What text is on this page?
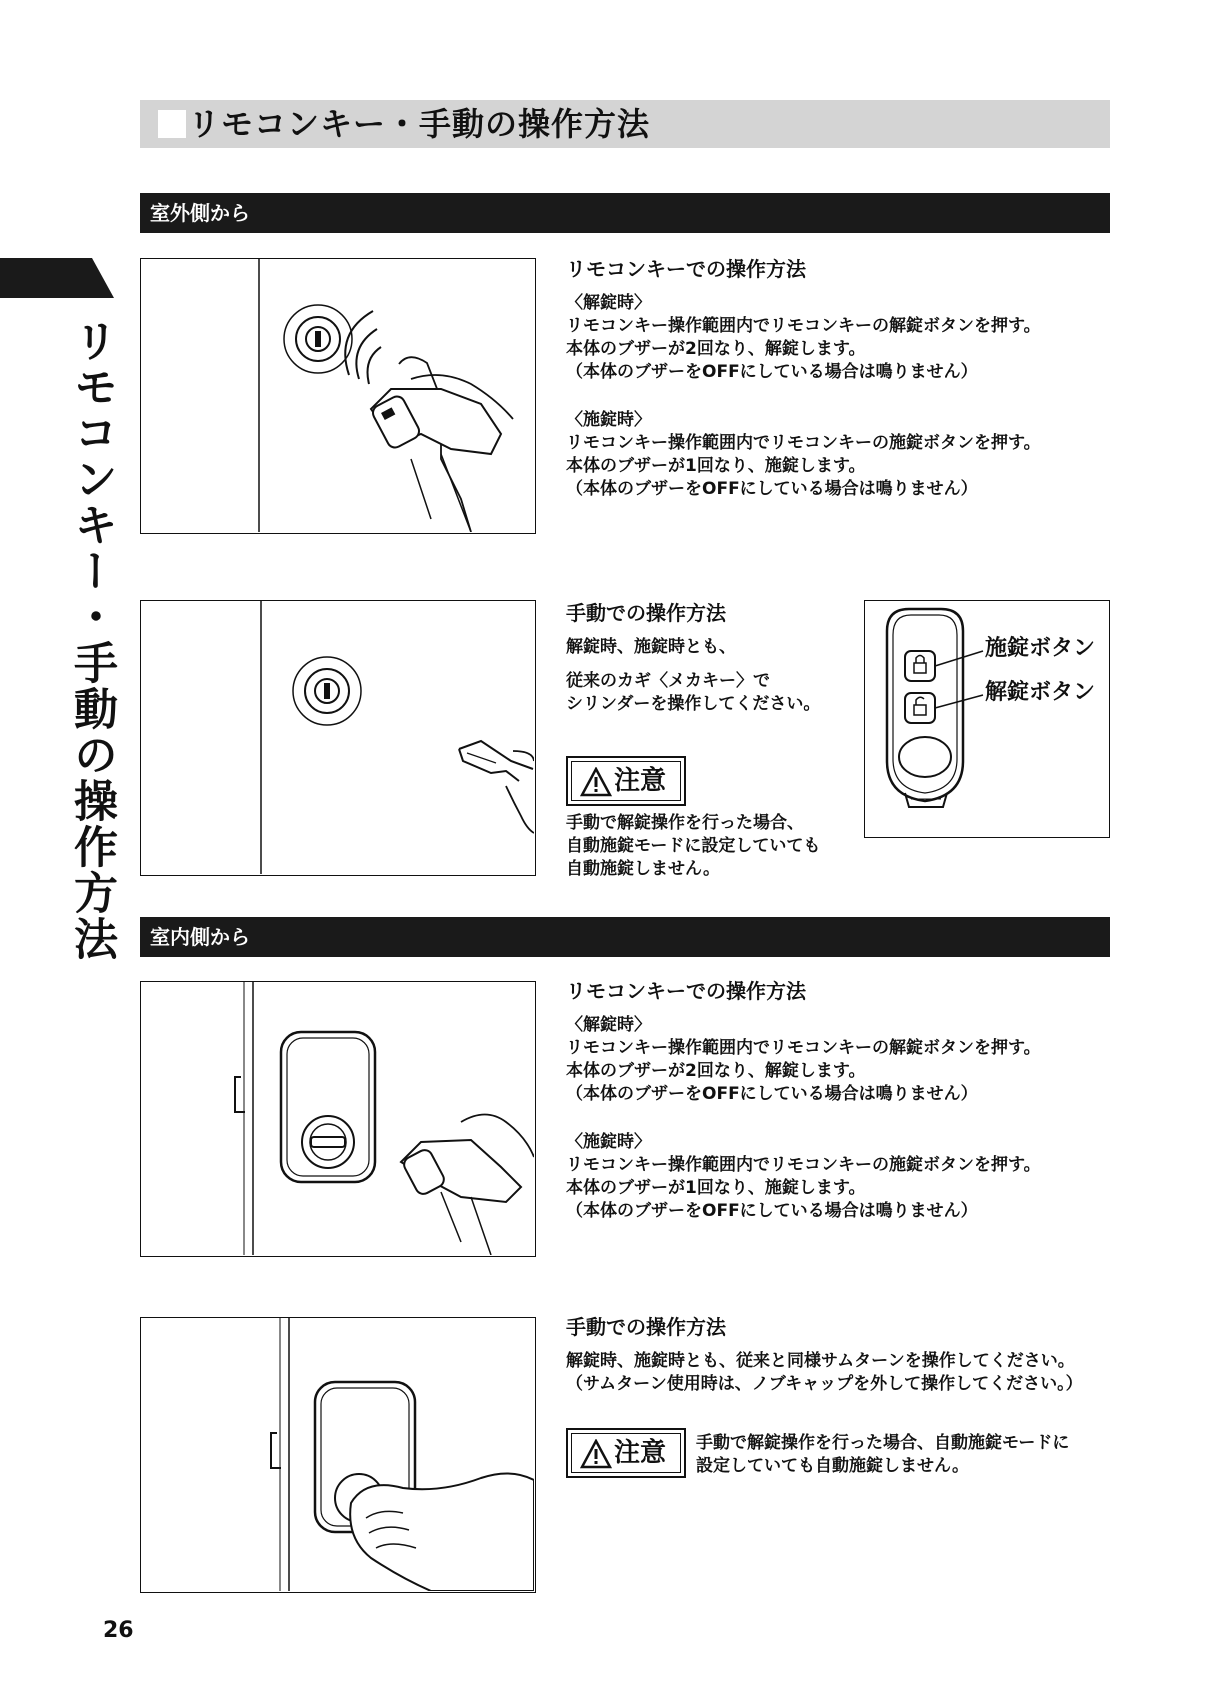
リモコンキー・手動の操作方法
リモコンキー・手動の操作方法
室外側から
リモコンキーでの操作方法
〈解錠時〉
リモコンキー操作範囲内でリモコンキーの解錠ボタンを押す。
本体のブザーが2回なり、解錠します。
（本体のブザーをOFFにしている場合は鳴りません）
〈施錠時〉
リモコンキー操作範囲内でリモコンキーの施錠ボタンを押す。
本体のブザーが1回なり、施錠します。
（本体のブザーをOFFにしている場合は鳴りません）
手動での操作方法
解錠時、施錠時とも、
従来のカギ〈メカキー〉で
シリンダーを操作してください。
注意
手動で解錠操作を行った場合、
自動施錠モードに設定していても
自動施錠しません。
施錠ボタン
解錠ボタン
室内側から
リモコンキーでの操作方法
〈解錠時〉
リモコンキー操作範囲内でリモコンキーの解錠ボタンを押す。
本体のブザーが2回なり、解錠します。
（本体のブザーをOFFにしている場合は鳴りません）
〈施錠時〉
リモコンキー操作範囲内でリモコンキーの施錠ボタンを押す。
本体のブザーが1回なり、施錠します。
（本体のブザーをOFFにしている場合は鳴りません）
手動での操作方法
解錠時、施錠時とも、従来と同様サムターンを操作してください。
（サムターン使用時は、ノブキャップを外して操作してください。）
注意 手動で解錠操作を行った場合、自動施錠モードに
設定していても自動施錠しません。
26
